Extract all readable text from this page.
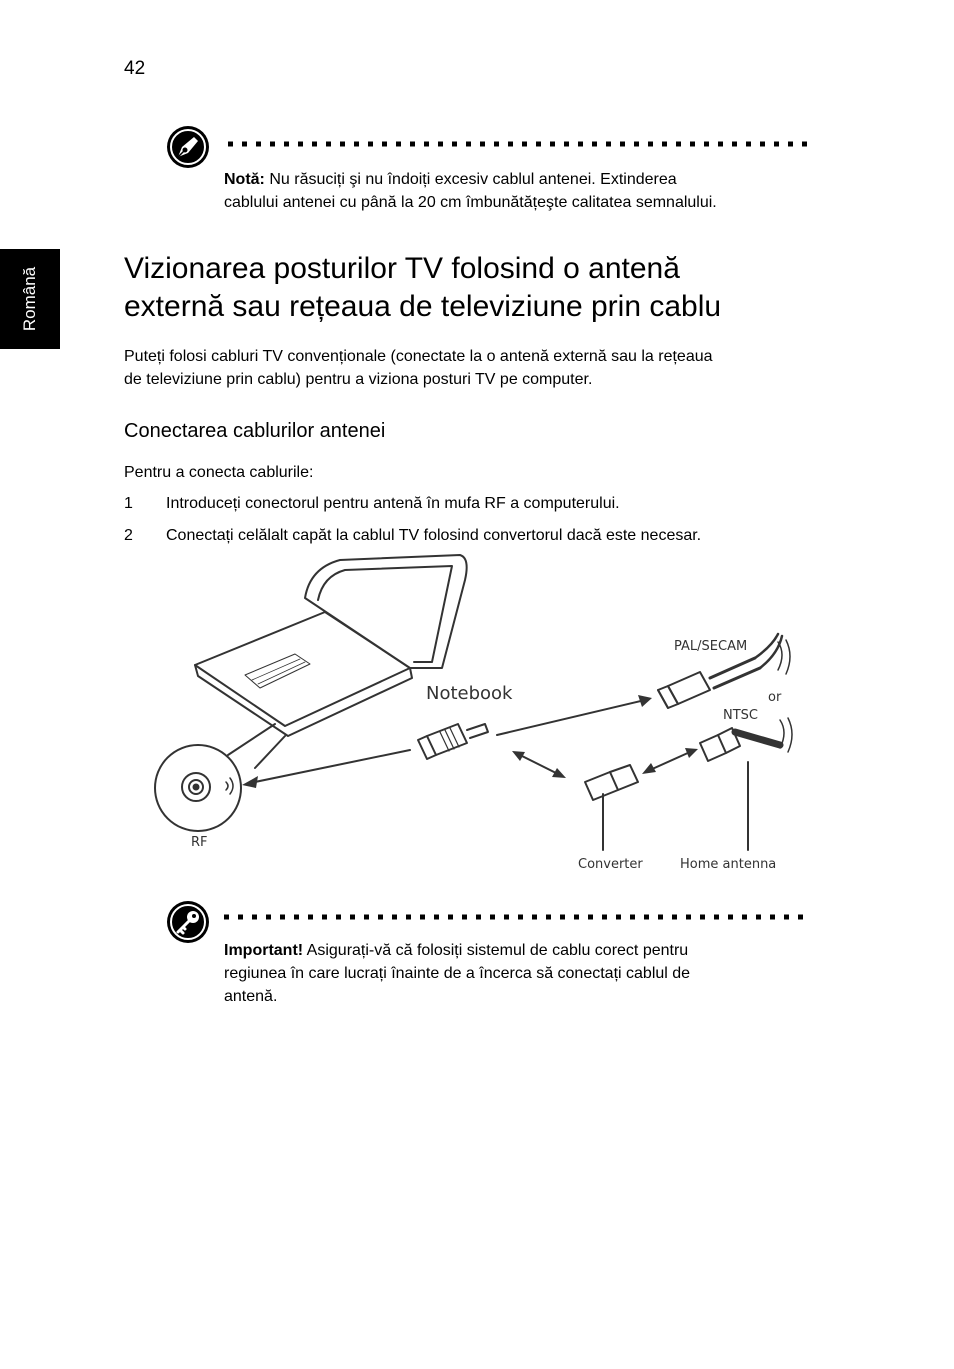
42
Română
Notă: Nu răsuciți şi nu îndoiți excesiv cablul antenei. Extinderea
cablului antenei cu până la 20 cm îmbunătățeşte calitatea semnalului.
Vizionarea posturilor TV folosind o antenă
externă sau rețeaua de televiziune prin cablu
Puteți folosi cabluri TV convenționale (conectate la o antenă externă sau la rețeaua
de televiziune prin cablu) pentru a viziona posturi TV pe computer.
Conectarea cablurilor antenei
Pentru a conecta cablurile:
1 Introduceți conectorul pentru antenă în mufa RF a computerului.
2 Conectați celălalt capăt la cablul TV folosind convertorul dacă este necesar.
Notebook
PAL/SECAM
or
NTSC
RF
Converter	Home antenna
Important! Asigurați-vă că folosiți sistemul de cablu corect pentru
regiunea în care lucrați înainte de a încerca să conectați cablul de
antenă.
